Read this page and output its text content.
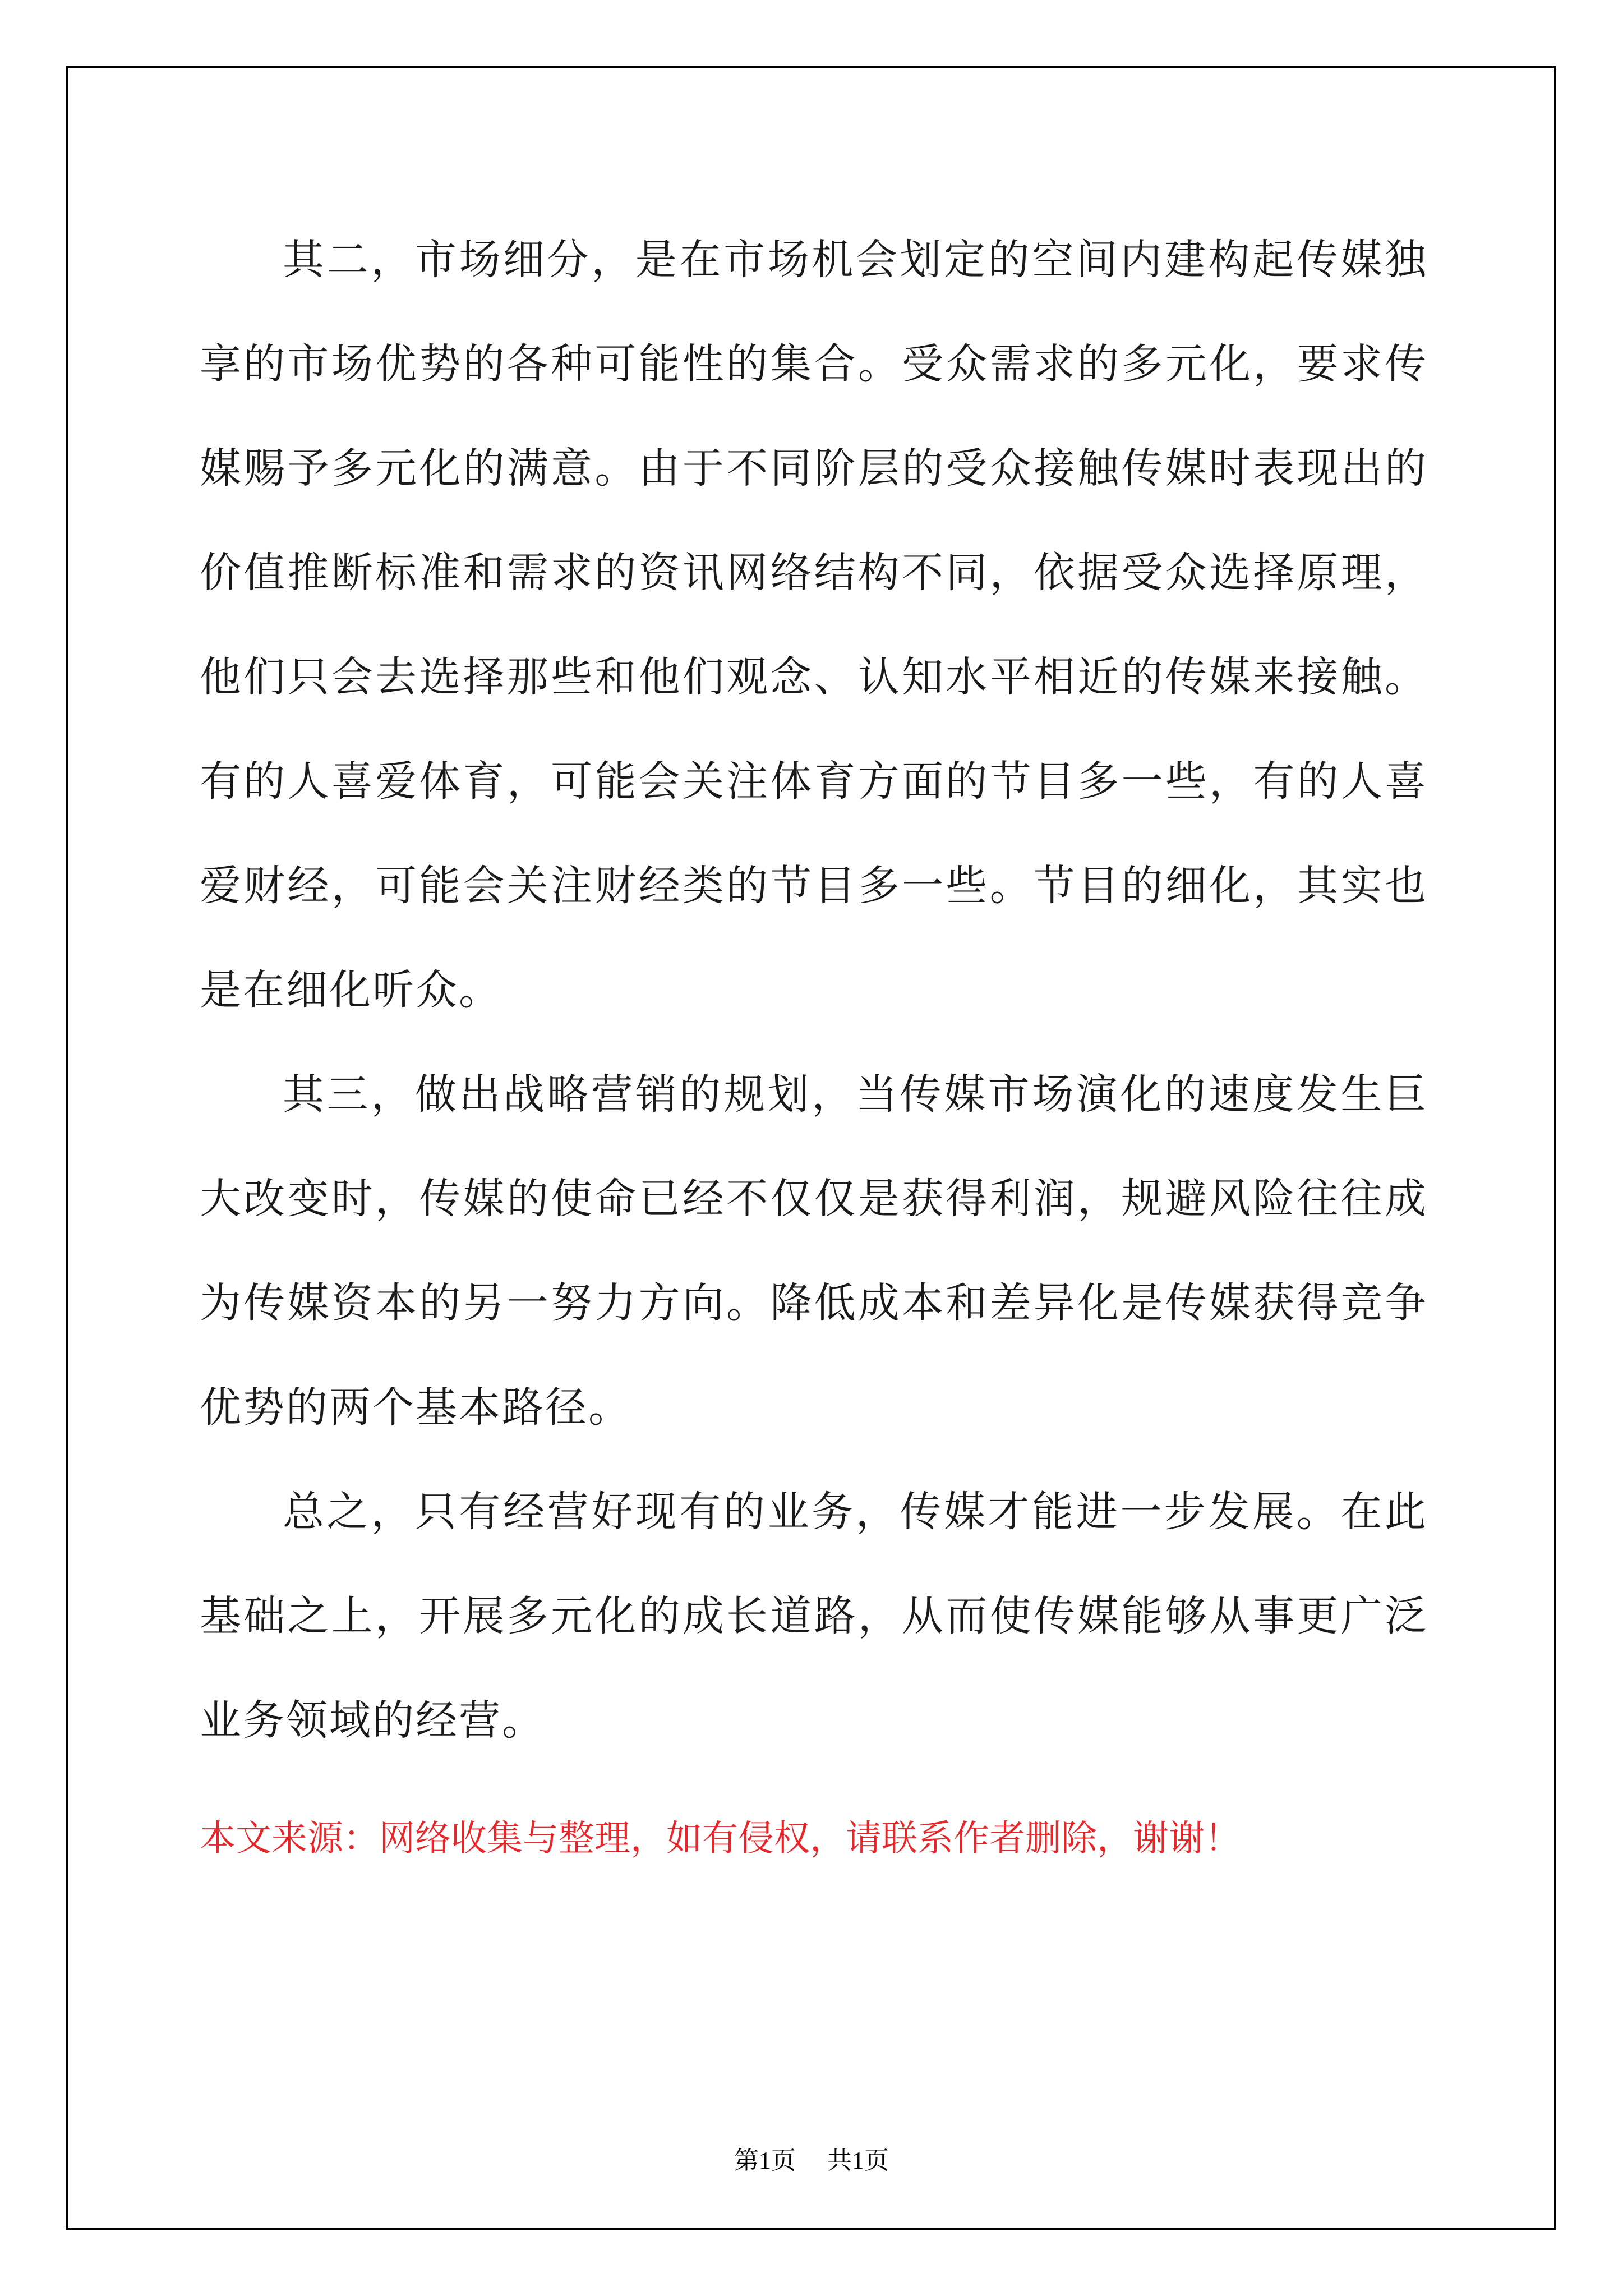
其二，市场细分，是在市场机会划定的空间内建构起传媒独享的市场优势的各种可能性的集合。受众需求的多元化，要求传媒赐予多元化的满意。由于不同阶层的受众接触传媒时表现出的价值推断标准和需求的资讯网络结构不同，依据受众选择原理，他们只会去选择那些和他们观念、认知水平相近的传媒来接触。有的人喜爱体育，可能会关注体育方面的节目多一些，有的人喜爱财经，可能会关注财经类的节目多一些。节目的细化，其实也是在细化听众。

其三，做出战略营销的规划，当传媒市场演化的速度发生巨大改变时，传媒的使命已经不仅仅是获得利润，规避风险往往成为传媒资本的另一努力方向。降低成本和差异化是传媒获得竞争优势的两个基本路径。

总之，只有经营好现有的业务，传媒才能进一步发展。在此基础之上，开展多元化的成长道路，从而使传媒能够从事更广泛业务领域的经营。

本文来源：网络收集与整理，如有侵权，请联系作者删除，谢谢！
第1页 共1页
